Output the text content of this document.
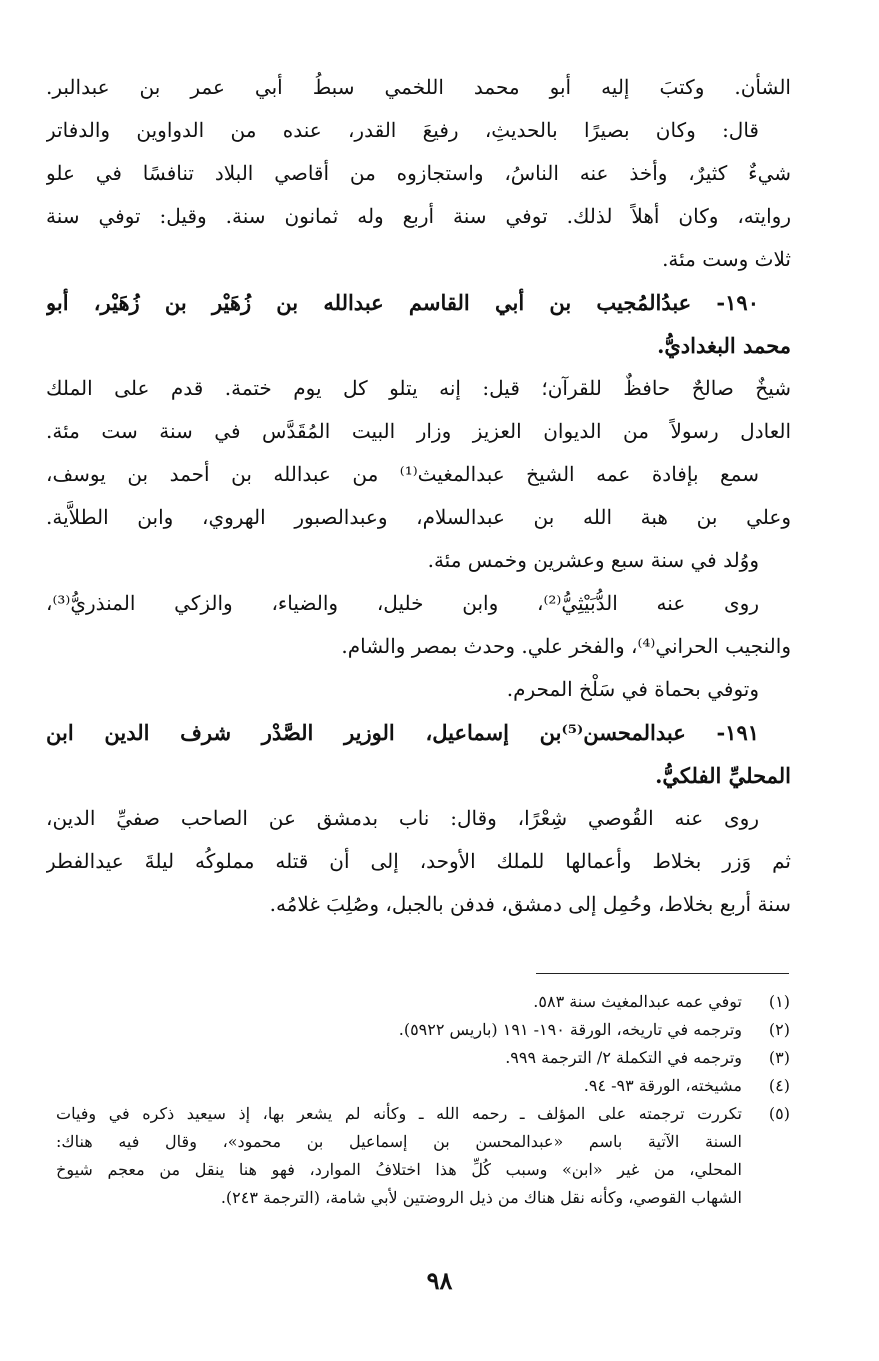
الشأن. وكتبَ إليه أبو محمد اللخمي سبطُ أبي عمر بن عبدالبر.
قال: وكان بصيرًا بالحديثِ، رفيعَ القدر، عنده من الدواوين والدفاتر
شيءٌ كثيرٌ، وأخذ عنه الناسُ، واستجازوه من أقاصي البلاد تنافسًا في علو
روايته، وكان أهلاً لذلك. توفي سنة أربع وله ثمانون سنة. وقيل: توفي سنة
ثلاث وست مئة.
١٩٠- عبدُالمُجيب بن أبي القاسم عبدالله بن زُهَيْر بن زُهَيْر، أبو
محمد البغداديُّ.
شيخٌ صالحٌ حافظٌ للقرآن؛ قيل: إنه يتلو كل يوم ختمة. قدم على الملك
العادل رسولاً من الديوان العزيز وزار البيت المُقَدَّس في سنة ست مئة.
سمع بإفادة عمه الشيخ عبدالمغيث⁽¹⁾ من عبدالله بن أحمد بن يوسف،
وعلي بن هبة الله بن عبدالسلام، وعبدالصبور الهروي، وابن الطلاَّية.
ووُلد في سنة سبع وعشرين وخمس مئة.
روى عنه الدُّبَيْثِيُّ⁽²⁾، وابن خليل، والضياء، والزكي المنذريُّ⁽³⁾،
والنجيب الحراني⁽⁴⁾، والفخر علي. وحدث بمصر والشام.
وتوفي بحماة في سَلْخ المحرم.
١٩١- عبدالمحسن⁽⁵⁾بن إسماعيل، الوزير الصَّدْر شرف الدين ابن
المحليِّ الفلكيُّ.
روى عنه القُوصي شِعْرًا، وقال: ناب بدمشق عن الصاحب صفيِّ الدين،
ثم وَزر بخلاط وأعمالها للملك الأوحد، إلى أن قتله مملوكُه ليلةَ عيدالفطر
سنة أربع بخلاط، وحُمِل إلى دمشق، فدفن بالجبل، وصُلِبَ غلامُه.
(١)
توفي عمه عبدالمغيث سنة ٥٨٣.
(٢)
وترجمه في تاريخه، الورقة ١٩٠- ١٩١ (باريس ٥٩٢٢).
(٣)
وترجمه في التكملة ٢/ الترجمة ٩٩٩.
(٤)
مشيخته، الورقة ٩٣- ٩٤.
(٥)
تكررت ترجمته على المؤلف ـ رحمه الله ـ وكأنه لم يشعر بها، إذ سيعيد ذكره في وفيات
السنة الآتية باسم «عبدالمحسن بن إسماعيل بن محمود»، وقال فيه هناك:
المحلي، من غير «ابن» وسبب كُلِّ هذا اختلافُ الموارد، فهو هنا ينقل من معجم شيوخ
الشهاب القوصي، وكأنه نقل هناك من ذيل الروضتين لأبي شامة، (الترجمة ٢٤٣).
٩٨
